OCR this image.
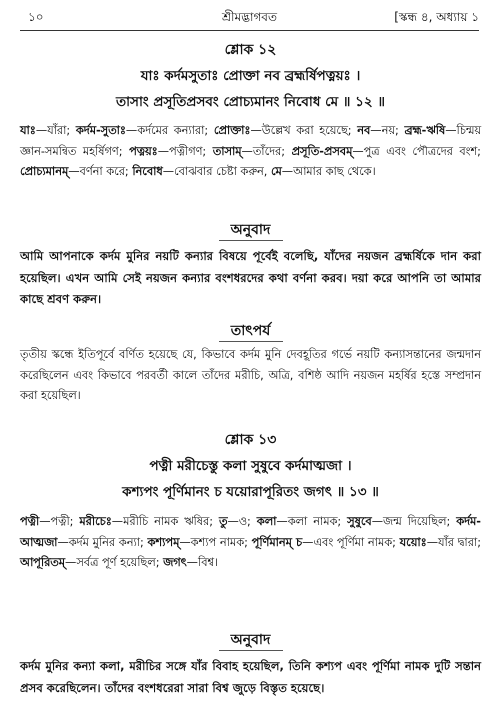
১০	শ্রীমদ্ভাগবত	[স্কন্ধ ৪, অধ্যায় ১
শ্লোক ১২
যাঃ কর্দমসুতাঃ প্রোক্তা নব ব্রহ্মর্ষিপত্নয়ঃ ।
তাসাং প্রসূতিপ্রসবং প্রোচ্যমানং নিবোধ মে ॥ ১২ ॥
যাঃ—যাঁরা; কর্দম-সুতাঃ—কর্দমের কন্যারা; প্রোক্তাঃ—উল্লেখ করা হয়েছে; নব—নয়; ব্রহ্ম-ঋষি—চিন্ময় জ্ঞান-সমন্বিত মহর্ষিগণ; পত্নয়ঃ—পত্নীগণ; তাসাম্—তাঁদের; প্রসূতি-প্রসবম্—পুত্র এবং পৌত্রদের বংশ; প্রোচ্যমানম্—বর্ণনা করে; নিবোধ—বোঝবার চেষ্টা করুন, মে—আমার কাছ থেকে।
অনুবাদ
আমি আপনাকে কর্দম মুনির নয়টি কন্যার বিষয়ে পূর্বেই বলেছি, যাঁদের নয়জন ব্রহ্মর্ষিকে দান করা হয়েছিল। এখন আমি সেই নয়জন কন্যার বংশধরদের কথা বর্ণনা করব। দয়া করে আপনি তা আমার কাছে শ্রবণ করুন।
তাৎপর্য
তৃতীয় স্কন্ধে ইতিপূর্বে বর্ণিত হয়েছে যে, কিভাবে কর্দম মুনি দেবহূতির গর্ভে নয়টি কন্যাসন্তানের জন্মদান করেছিলেন এবং কিভাবে পরবর্তী কালে তাঁদের মরীচি, অত্রি, বশিষ্ঠ আদি নয়জন মহর্ষির হস্তে সম্প্রদান করা হয়েছিল।
শ্লোক ১৩
পত্নী মরীচেস্তু কলা সুষুবে কর্দমাত্মজা ।
কশ্যপং পূর্ণিমানং চ যয়োরাপূরিতং জগৎ ॥ ১৩ ॥
পত্নী—পত্নী; মরীচেঃ—মরীচি নামক ঋষির; তু—ও; কলা—কলা নামক; সুষুবে—জন্ম দিয়েছিল; কর্দম-আত্মজা—কর্দম মুনির কন্যা; কশ্যপম্—কশ্যপ নামক; পূর্ণিমানম্ চ—এবং পূর্ণিমা নামক; যয়োঃ—যাঁর দ্বারা; আপূরিতম্—সর্বত্র পূর্ণ হয়েছিল; জগৎ—বিশ্ব।
অনুবাদ
কর্দম মুনির কন্যা কলা, মরীচির সঙ্গে যাঁর বিবাহ হয়েছিল, তিনি কশ্যপ এবং পূর্ণিমা নামক দুটি সন্তান প্রসব করেছিলেন। তাঁদের বংশধরেরা সারা বিশ্ব জুড়ে বিস্তৃত হয়েছে।
